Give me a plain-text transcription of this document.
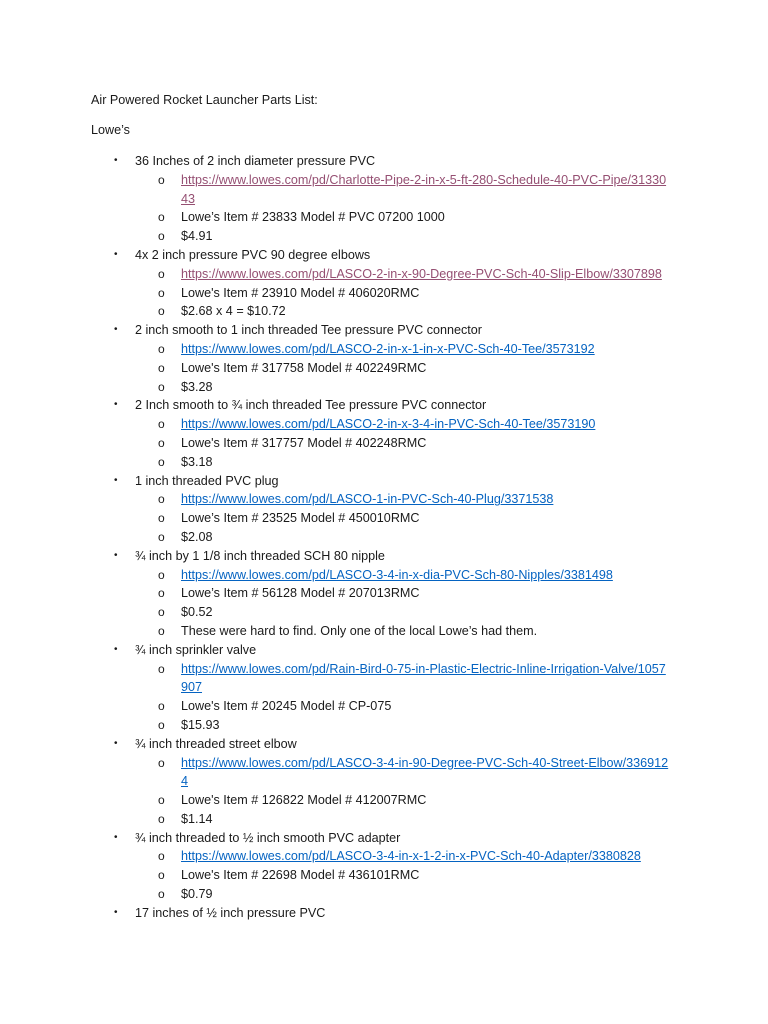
Air Powered Rocket Launcher Parts List:
Lowe’s
• 36 Inches of 2 inch diameter pressure PVC
o https://www.lowes.com/pd/Charlotte-Pipe-2-in-x-5-ft-280-Schedule-40-PVC-Pipe/3133043
o Lowe’s Item # 23833 Model # PVC 07200 1000
o $4.91
• 4x 2 inch pressure PVC 90 degree elbows
o https://www.lowes.com/pd/LASCO-2-in-x-90-Degree-PVC-Sch-40-Slip-Elbow/3307898
o Lowe's Item # 23910 Model # 406020RMC
o $2.68 x 4 = $10.72
• 2 inch smooth to 1 inch threaded Tee pressure PVC connector
o https://www.lowes.com/pd/LASCO-2-in-x-1-in-x-PVC-Sch-40-Tee/3573192
o Lowe's Item # 317758 Model # 402249RMC
o $3.28
• 2 Inch smooth to ¾ inch threaded Tee pressure PVC connector
o https://www.lowes.com/pd/LASCO-2-in-x-3-4-in-PVC-Sch-40-Tee/3573190
o Lowe's Item # 317757 Model # 402248RMC
o $3.18
• 1 inch threaded PVC plug
o https://www.lowes.com/pd/LASCO-1-in-PVC-Sch-40-Plug/3371538
o Lowe’s Item # 23525 Model # 450010RMC
o $2.08
• ¾ inch by 1 1/8 inch threaded SCH 80 nipple
o https://www.lowes.com/pd/LASCO-3-4-in-x-dia-PVC-Sch-80-Nipples/3381498
o Lowe’s Item # 56128 Model # 207013RMC
o $0.52
o These were hard to find. Only one of the local Lowe’s had them.
• ¾ inch sprinkler valve
o https://www.lowes.com/pd/Rain-Bird-0-75-in-Plastic-Electric-Inline-Irrigation-Valve/1057907
o Lowe's Item # 20245 Model # CP-075
o $15.93
• ¾ inch threaded street elbow
o https://www.lowes.com/pd/LASCO-3-4-in-90-Degree-PVC-Sch-40-Street-Elbow/3369124
o Lowe's Item # 126822 Model # 412007RMC
o $1.14
• ¾ inch threaded to ½ inch smooth PVC adapter
o https://www.lowes.com/pd/LASCO-3-4-in-x-1-2-in-x-PVC-Sch-40-Adapter/3380828
o Lowe's Item # 22698 Model # 436101RMC
o $0.79
• 17 inches of ½ inch pressure PVC
